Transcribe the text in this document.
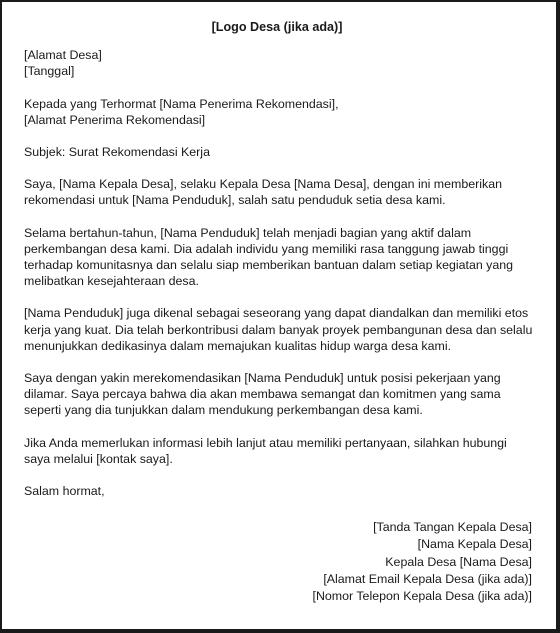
[Logo Desa (jika ada)]
[Alamat Desa]
[Tanggal]
Kepada yang Terhormat [Nama Penerima Rekomendasi],
[Alamat Penerima Rekomendasi]
Subjek: Surat Rekomendasi Kerja
Saya, [Nama Kepala Desa], selaku Kepala Desa [Nama Desa], dengan ini memberikan
rekomendasi untuk [Nama Penduduk], salah satu penduduk setia desa kami.
Selama bertahun-tahun, [Nama Penduduk] telah menjadi bagian yang aktif dalam
perkembangan desa kami. Dia adalah individu yang memiliki rasa tanggung jawab tinggi
terhadap komunitasnya dan selalu siap memberikan bantuan dalam setiap kegiatan yang
melibatkan kesejahteraan desa.
[Nama Penduduk] juga dikenal sebagai seseorang yang dapat diandalkan dan memiliki etos
kerja yang kuat. Dia telah berkontribusi dalam banyak proyek pembangunan desa dan selalu
menunjukkan dedikasinya dalam memajukan kualitas hidup warga desa kami.
Saya dengan yakin merekomendasikan [Nama Penduduk] untuk posisi pekerjaan yang
dilamar. Saya percaya bahwa dia akan membawa semangat dan komitmen yang sama
seperti yang dia tunjukkan dalam mendukung perkembangan desa kami.
Jika Anda memerlukan informasi lebih lanjut atau memiliki pertanyaan, silahkan hubungi
saya melalui [kontak saya].
Salam hormat,
[Tanda Tangan Kepala Desa]
[Nama Kepala Desa]
Kepala Desa [Nama Desa]
[Alamat Email Kepala Desa (jika ada)]
[Nomor Telepon Kepala Desa (jika ada)]
